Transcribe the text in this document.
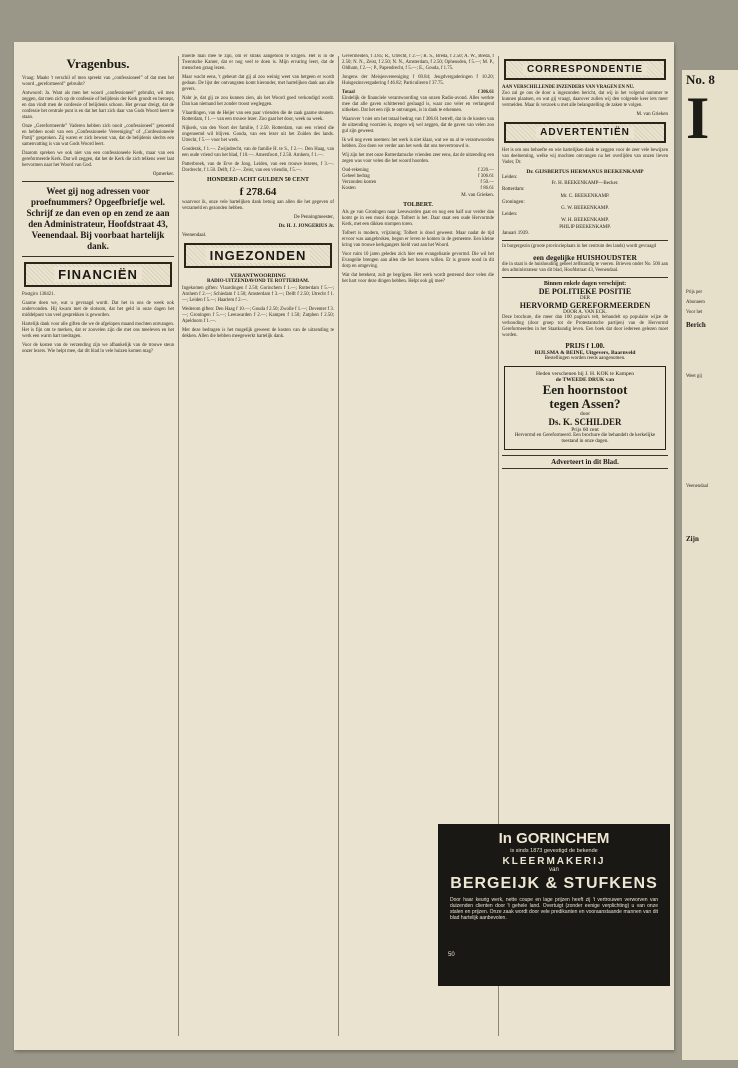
Vragenbus.

Vraag: Maakt 't verschil of men spreekt van „confessioneel” of dat men het woord „gereformeerd” gebruikt?

Antwoord: Ja. Want als men het woord „confessioneel” gebruikt, wil men zeggen, dat men zich op de confessie of belijdenis der Kerk grondt en beroept, en dan vindt men de confessie of belijdenis schoon. Het gevaar dreigt, dat de confessie het centrale punt is en dat het hart zich daar van Gods Woord keert te staan.

Onze „Gereformeerde” Vaderen hebben zich nooit „confessioneel” genoemd en hebben nooit van een „Confessioneele Vereeniging” of „Confessioneele Partij” gesproken. Zij waren er zich bewust van, dat de belijdenis slechts een samenvatting is van wat Gods Woord leert.

Daarom spreken we ook niet van een confessioneele Kerk, maar van een gereformeerde Kerk. Dat wil zeggen, dat het de Kerk die zich telkens weer laat hervormen naar het Woord van God.

Opmerker.
Weet gij nog adressen voor proefnummers? Opgeefbriefje wel. Schrijf ze dan even op en zend ze aan den Administrateur, Hoofdstraat 43, Veenendaal. Bij voorbaat hartelijk dank.
FINANCIËN

Postgiro 138421.

Gaarne doen we, wat u gevraagd wordt. Dat het in ons de week ook ondervonden. Hij kwam met de slotsom, dat het geld in onze dagen het middelpunt van veel gesprekken is geworden.

Hartelijk dank voor alle giften die we de afgelopen maand mochten ontvangen. Het is fijn om te merken, dat er zoovelen zijn die met ons meeleven en het werk een warm hart toedragen.

Voor de kosten van de verzending zijn we afhankelijk van de trouwe steun onzer lezers. Wie helpt mee, dat dit blad in vele huizen komen mag?

moeite man mee te zijn, om er straks aangetoon te krijgen. Het is in de Twentsche Kamer, dat er nog veel te doen is. Mijn ervaring leert, dat de menschen graag lezen.

Maar wacht eens, 't gebeurt dat gij al zoo weinig weet van hetgeen er wordt gedaan. De lijst der ontvangsten komt hieronder, met hartelijken dank aan alle gevers.

Nahr je, dat gij ze zou kunnen zien, als het Woord goed verkondigd wordt. Dan kan niemand het zonder troost wegleggen.

Vlaardingen, van de Heijer van een paar vrienden die de zaak gaarne steunen. Rotterdam, f 1.— van een trouwe lezer. Zoo gaat het door, week na week.

Nijkerk, van den Voort der familie, f 2.50. Rotterdam, van een vriend die ongenoemd wil blijven. Gouda, van een lezer uit het Zuiden des lands. Utrecht, f 5.— voor het werk.

Gouderak, f 1.—. Zwijndrecht, van de familie H. te S., f 2.—. Den Haag, van een oude vriend van het blad, f 10.—. Amersfoort, f 2.50. Arnhem, f 1.—.

Patterbroek, van de Erve de Jong. Leiden, van een trouwe lezeres, f 3.—. Dordrecht, f 1.50. Delft, f 2.—. Zeist, van een vriendin, f 5.—.

HONDERD ACHT GULDEN 50 CENT
f 278.64

waarvoor ik, onze vele hartelijken dank betuig aan allen die het gegeven of verzameld en gezonden hebben.

De Penningmeester,
Dr. H. J. JONGERIUS Jr.
Veenendaal.
INGEZONDEN
VERANTWOORDING
RADIO-UITZENDAVOND TE ROTTERDAM.

Ingekomen giften: Vlaardingen f 2.50; Gorinchem f 1.—; Rotterdam f 5.—; Arnhem f 2.—; Schiedam f 1.50; Amsterdam f 3.—; Delft f 2.50; Utrecht f 1.—; Leiden f 5.—; Haarlem f 2.—.

Wederom giften: Den Haag f 10.—; Gouda f 2.50; Zwolle f 1.—; Deventer f 3.—; Groningen f 5.—; Leeuwarden f 2.—; Kampen f 1.50; Zutphen f 2.50; Apeldoorn f 1.—.

Met deze bedragen is het mogelijk geweest de kosten van de uitzending te dekken. Allen die hebben meegewerkt hartelijk dank.

Gevermeiden, f 3.85; R., Utrecht, f 2.—; R. S., Breda, f 2.50; A. W., Breda, f 2.50; N. N., Zeist, f 2.50; N. N., Amsterdam, f 2.50; Opheusden, f 5.—; M. P., Oldham, f 2.—; P., Papendrecht, f 5.—; E., Gouda, f 1.75.

Jongens der Meisjesvereeniging f 69.84; Jeugdvergaderingen f 10.20; Huisgezinsvergadering f 46.82; Particulieren f 37.75.

Totaal	f 306.61

Eindelijk de financiele verantwoording van onzen Radio-avond. Alles werkte mee dat alle gaven schitterend geslaagd is, waar zoo veler en verlangend uitkeken. Dat het een rijk te ontvangen, is in dank te erkennen.

Waarover 't niet om het totaal bedrag van f 306.61 betreft, dat in de kosten van de uitzending voorzien is, mogen wij wel zeggen, dat de gaven van velen zoo gul zijn geweest.

Ik wil nog even noemen: het werk is niet klaar, wat we nu al te verantwoorden hebben. Zoo doen we verder aan het werk dat ons toevertrouwd is.

Wij zijn het met onze Rotterdamsche vrienden zeer eens, dat de uitzending een zegen was voor velen die het woord hoorden.

Oud-rekening	f 220.—
Geheel bedrag	f 306.61
Verzonden kosten	f 50.—
Kosten	f 86.61
M. van Grieken.
TOLBERT.

Als ge van Groningen naar Leeuwarden gaat en nog een half uur verder dan komt ge in een mooi dorpje. Tolbert is het. Daar staat een oude Hervormde Kerk, met een dikken stompen toren.

Tolbert is modern, vrijzinnig; Tolbert is dood geweest. Maar nadat de tijd ervoor was aangebroken, begon er leven te komen in de gemeente. Een kleine kring van trouwe kerkgangers hield vast aan het Woord.

Voor ruim 10 jaren geleden zich hier een evangelisatie gevormd. Die wil het Evangelie brengen aan allen die het hooren willen. Er is groote nood in dit dorp en omgeving.

Wat dat betekent, zult ge begrijpen. Het werk wordt gesteund door velen die het hart voor deze dingen hebben. Helpt ook gij mee?

CORRESPONDENTIE
AAN VERSCHILLENDE INZENDERS VAN VRAGEN EN NU.

Zoo zal ge ons de door u ingezonden bericht, dat wij in het volgend nummer te kunnen plaatsen, en wat gij vraagt, daarover zullen wij den volgende keer iets meer vermelden. Maar ik verzoek u met alle belangstelling de zaken te volgen.

M. van Grieken
ADVERTENTIËN

Het is om ons behoefte en wie hartelijken dank te zeggen voor de zeer vele bewijzen van deelneming, welke wij mochten ontvangen na het overlijden van onzen lieven Vader, Dr.

Dr. GIJSBERTUS HERMANUS BEEKENKAMP
Leiden:
Fr. H. BEEKENKAMP—Becker.
Rotterdam:
Mr. C. BEEKENKAMP.
Groningen:
G. W. BEEKENKAMP.
Leiden:
W. H. BEEKENKAMP.
PHILIP BEEKENKAMP.
Januari 1939.

In burgergezin (groote provincieplaats in het centrum des lands) wordt gevraagd

een degelijke HUISHOUDSTER

die in staat is de huishouding geheel zelfstandig te voeren. Brieven onder No. 500 aan den administrateur van dit blad, Hoofdstraat 43, Veenendaal.

Binnen enkele dagen verschijnt:
DE POLITIEKE POSITIE
DER
HERVORMD GEREFORMEERDEN
DOOR A. VAN ECK.

Deze brochure, die meer dan 100 pagina's telt, behandelt op populaire wijze de verhouding (door groep tot de Protestantsche partijen) van de Hervormd Gereformeerden in het Staatkundig leven. Een boek dat door iedereen gelezen moet worden.

PRIJS f 1.00.
BIJLSMA & BEINE, Uitgevers, Baarnveld
Bestellingen worden reeds aangenomen.
Heden verschenen bij J. H. KOK te Kampen
de TWEEDE DRUK van
Een hoornstoot
tegen Assen?
door
Ds. K. SCHILDER
Prijs 60 cent
Hervormd en Gereformeerd. Een brochure die behandelt de kerkelijke toestand in onze dagen.
Adverteert in dit Blad.
In GORINCHEM
is sinds 1873 gevestigd de bekende
KLEERMAKERIJ
van
BERGEIJK & STUFKENS
Door haar keurig werk, nette coupe en lage prijzen heeft zij 't vertrouwen verworven van duizenden clienten door 't gehele land. Overtuigt (zonder eenige verplichting) u van onze stalen en prijzen. Onze zaak wordt door vele predikanten en vooraanstaande mannen van dit blad hartelijk aanbevolen.
50
No. 8
I
Prijs per
Abonnem
Voor het
Berich
Weet gij
Veenendaal
Zijn
